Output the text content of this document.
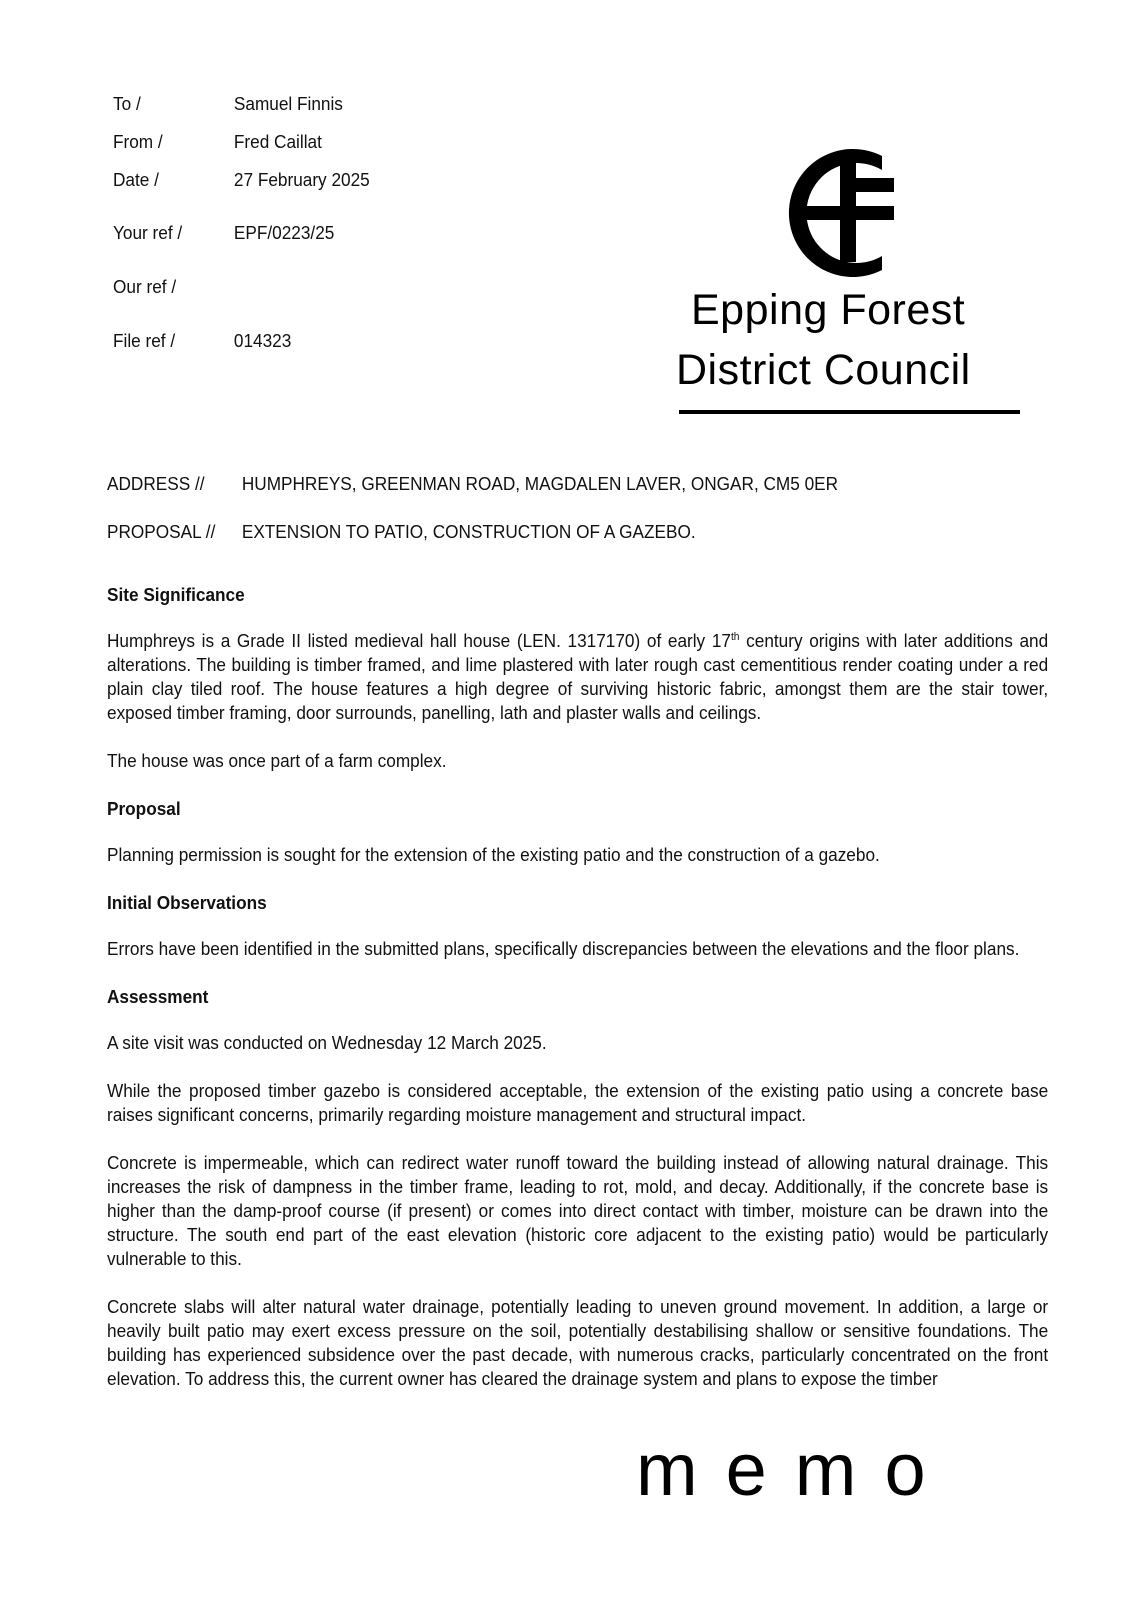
To /	Samuel Finnis
From /	Fred Caillat
Date /	27 February 2025
Your ref /	EPF/0223/25
Our ref /
File ref /	014323
Epping Forest
District Council
ADDRESS // HUMPHREYS, GREENMAN ROAD, MAGDALEN LAVER, ONGAR, CM5 0ER
PROPOSAL // EXTENSION TO PATIO, CONSTRUCTION OF A GAZEBO.
Site Significance

Humphreys is a Grade II listed medieval hall house (LEN. 1317170) of early 17th century origins with later additions and alterations. The building is timber framed, and lime plastered with later rough cast cementitious render coating under a red plain clay tiled roof. The house features a high degree of surviving historic fabric, amongst them are the stair tower, exposed timber framing, door surrounds, panelling, lath and plaster walls and ceilings.

The house was once part of a farm complex.

Proposal

Planning permission is sought for the extension of the existing patio and the construction of a gazebo.

Initial Observations

Errors have been identified in the submitted plans, specifically discrepancies between the elevations and the floor plans.

Assessment

A site visit was conducted on Wednesday 12 March 2025.

While the proposed timber gazebo is considered acceptable, the extension of the existing patio using a concrete base raises significant concerns, primarily regarding moisture management and structural impact.

Concrete is impermeable, which can redirect water runoff toward the building instead of allowing natural drainage. This increases the risk of dampness in the timber frame, leading to rot, mold, and decay. Additionally, if the concrete base is higher than the damp-proof course (if present) or comes into direct contact with timber, moisture can be drawn into the structure. The south end part of the east elevation (historic core adjacent to the existing patio) would be particularly vulnerable to this.

Concrete slabs will alter natural water drainage, potentially leading to uneven ground movement. In addition, a large or heavily built patio may exert excess pressure on the soil, potentially destabilising shallow or sensitive foundations. The building has experienced subsidence over the past decade, with numerous cracks, particularly concentrated on the front elevation. To address this, the current owner has cleared the drainage system and plans to expose the timber

memo
